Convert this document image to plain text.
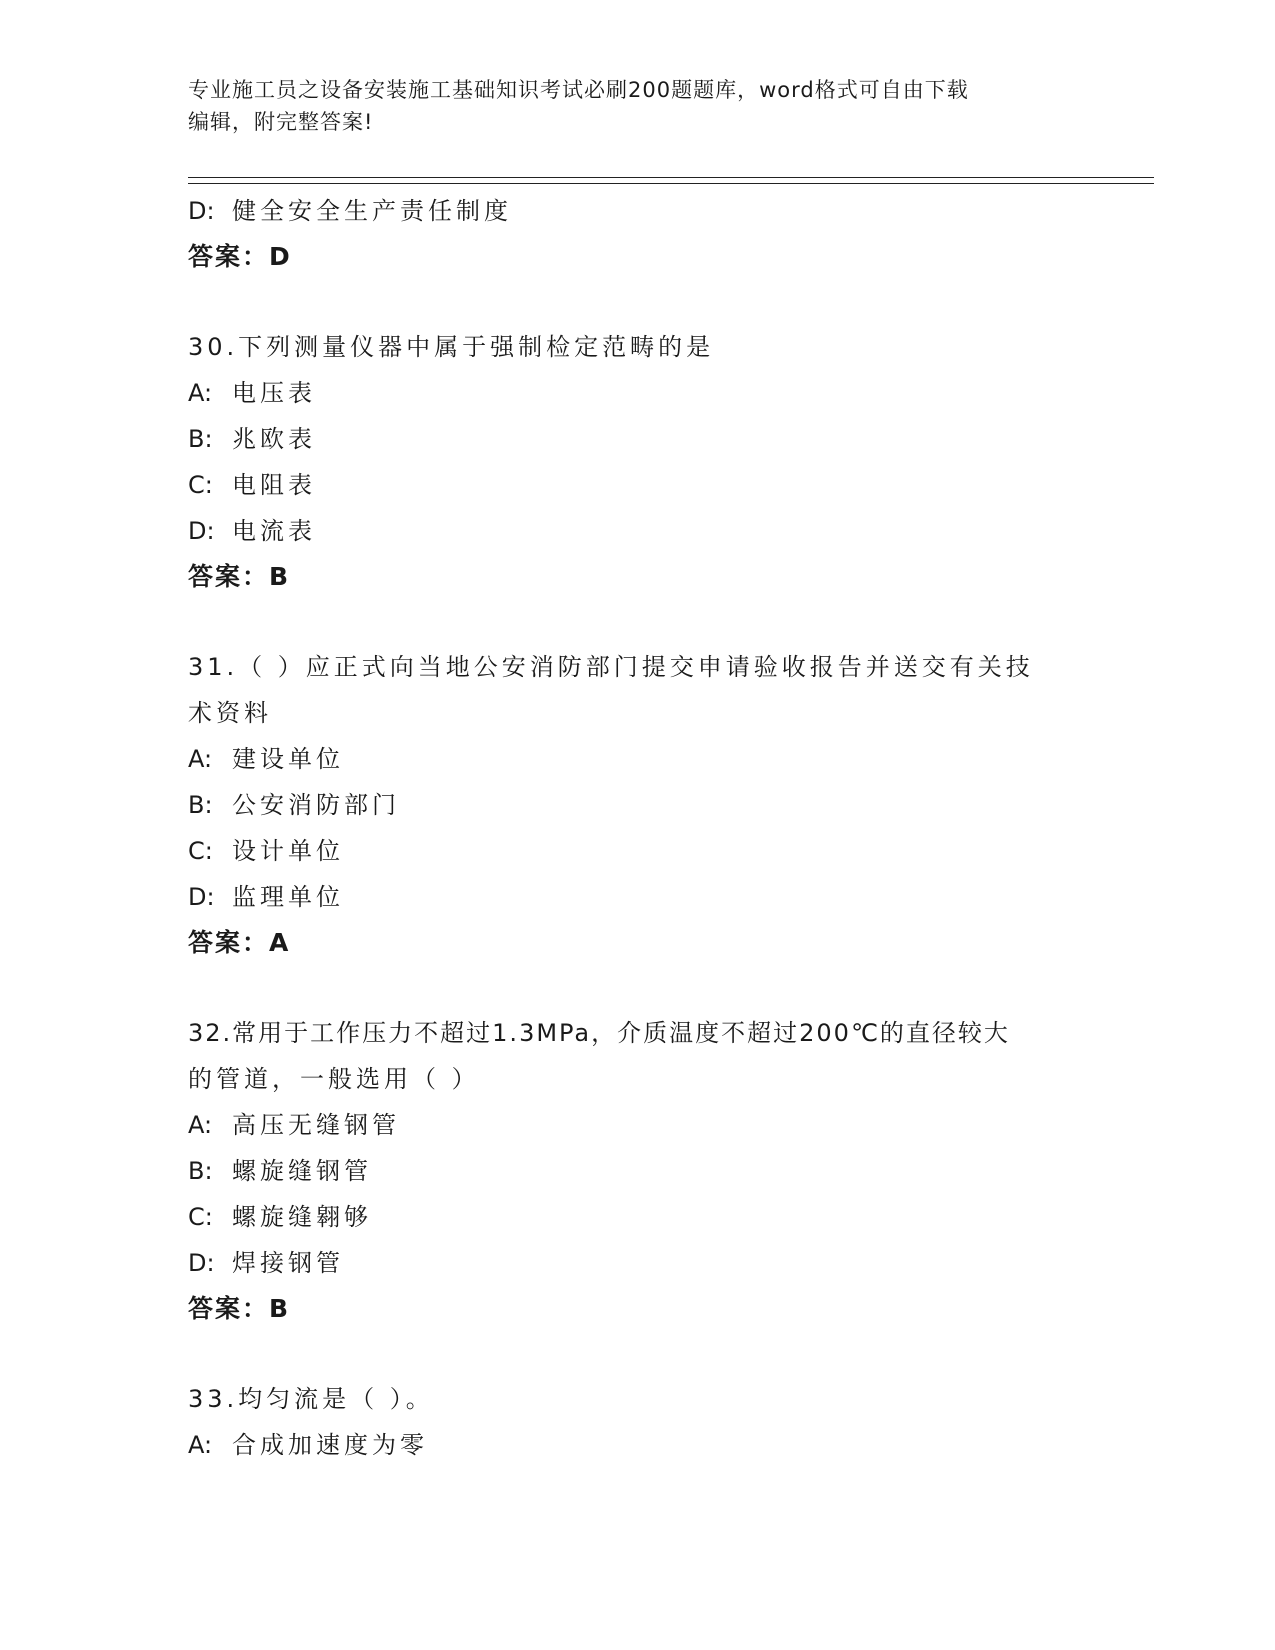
专业施工员之设备安装施工基础知识考试必刷200题题库，word格式可自由下载
编辑，附完整答案!
D: 健全安全生产责任制度
答案：D
30.下列测量仪器中属于强制检定范畴的是
A: 电压表
B: 兆欧表
C: 电阻表
D: 电流表
答案：B
31.（ ）应正式向当地公安消防部门提交申请验收报告并送交有关技
术资料
A: 建设单位
B: 公安消防部门
C: 设计单位
D: 监理单位
答案：A
32.常用于工作压力不超过1.3MPa，介质温度不超过200℃的直径较大
的管道，一般选用（ ）
A: 高压无缝钢管
B: 螺旋缝钢管
C: 螺旋缝翱够
D: 焊接钢管
答案：B
33.均匀流是（ ）。
A: 合成加速度为零
